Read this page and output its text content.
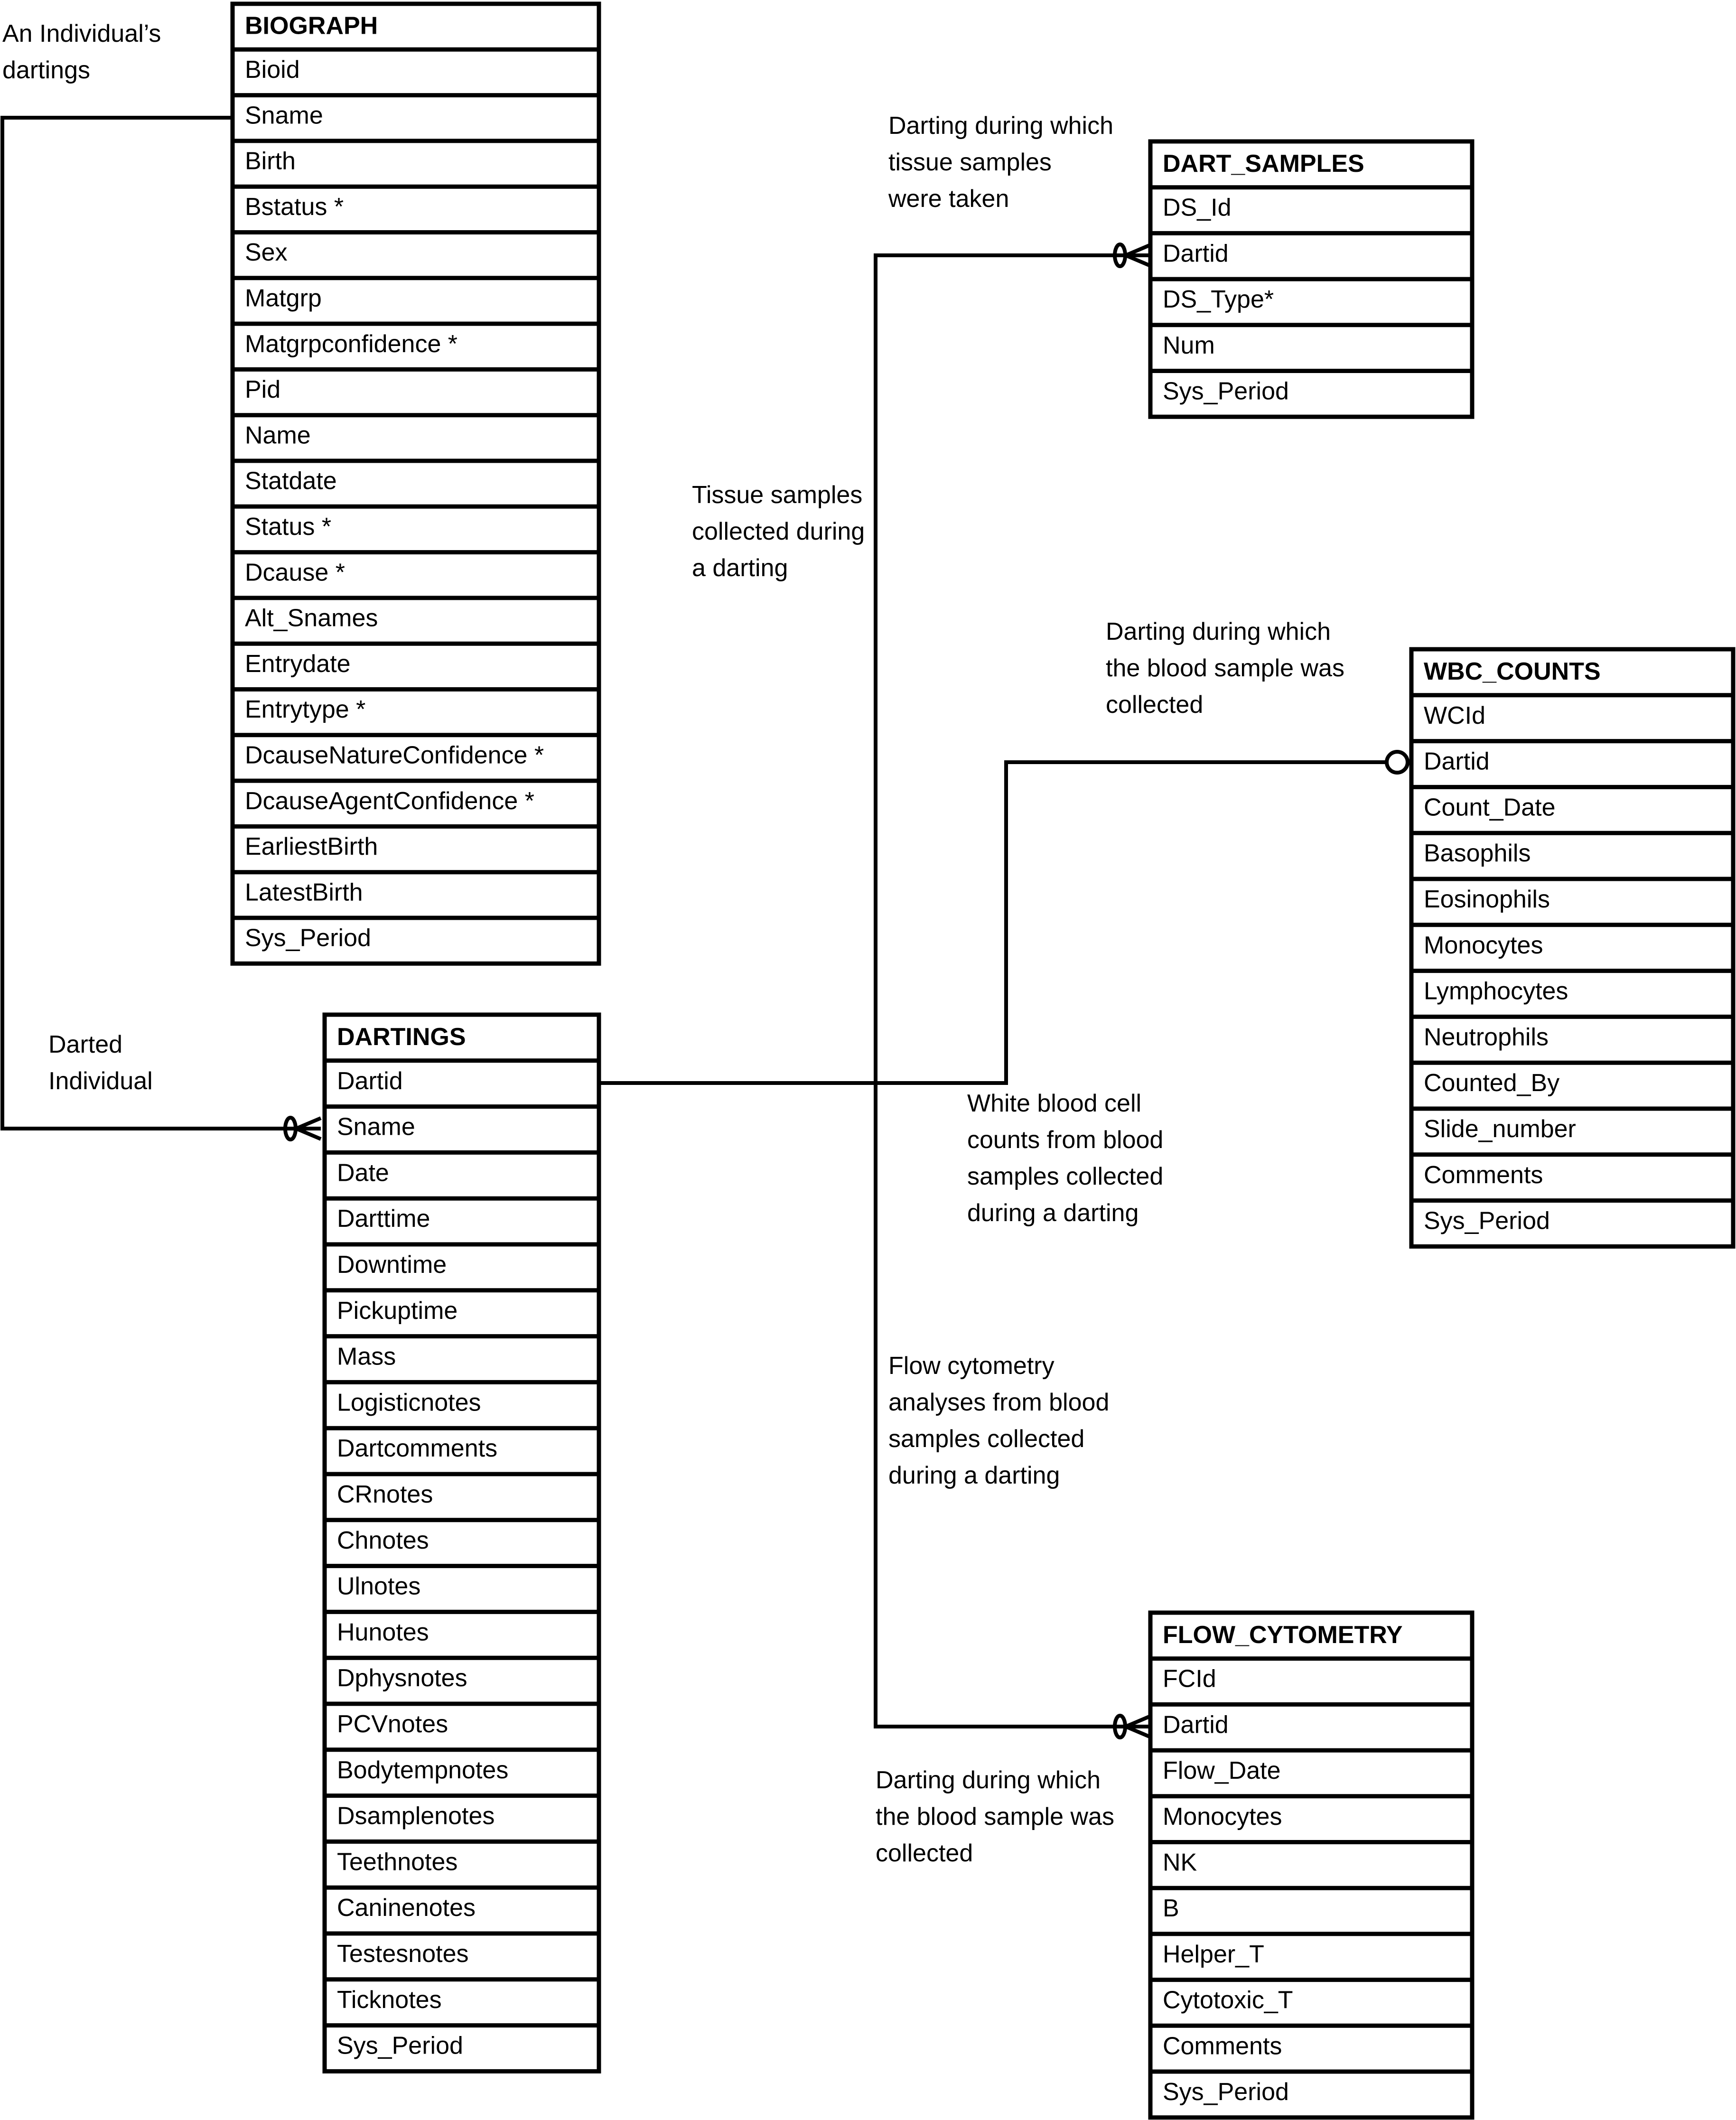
BIOGRAPH
Bioid
Sname
Birth
Bstatus *
Sex
Matgrp
Matgrpconfidence *
Pid
Name
Statdate
Status *
Dcause *
Alt_Snames
Entrydate
Entrytype *
DcauseNatureConfidence *
DcauseAgentConfidence *
EarliestBirth
LatestBirth
Sys_Period
DARTINGS
Dartid
Sname
Date
Darttime
Downtime
Pickuptime
Mass
Logisticnotes
Dartcomments
CRnotes
Chnotes
Ulnotes
Hunotes
Dphysnotes
PCVnotes
Bodytempnotes
Dsamplenotes
Teethnotes
Caninenotes
Testesnotes
Ticknotes
Sys_Period
DART_SAMPLES
DS_Id
Dartid
DS_Type*
Num
Sys_Period
WBC_COUNTS
WCId
Dartid
Count_Date
Basophils
Eosinophils
Monocytes
Lymphocytes
Neutrophils
Counted_By
Slide_number
Comments
Sys_Period
FLOW_CYTOMETRY
FCId
Dartid
Flow_Date
Monocytes
NK
B
Helper_T
Cytotoxic_T
Comments
Sys_Period
An Individual’s dartings
Darted Individual
Darting during which tissue samples were taken
Tissue samples collected during a darting
Darting during which the blood sample was collected
White blood cell counts from blood samples collected during a darting
Flow cytometry analyses from blood samples collected during a darting
Darting during which the blood sample was collected
